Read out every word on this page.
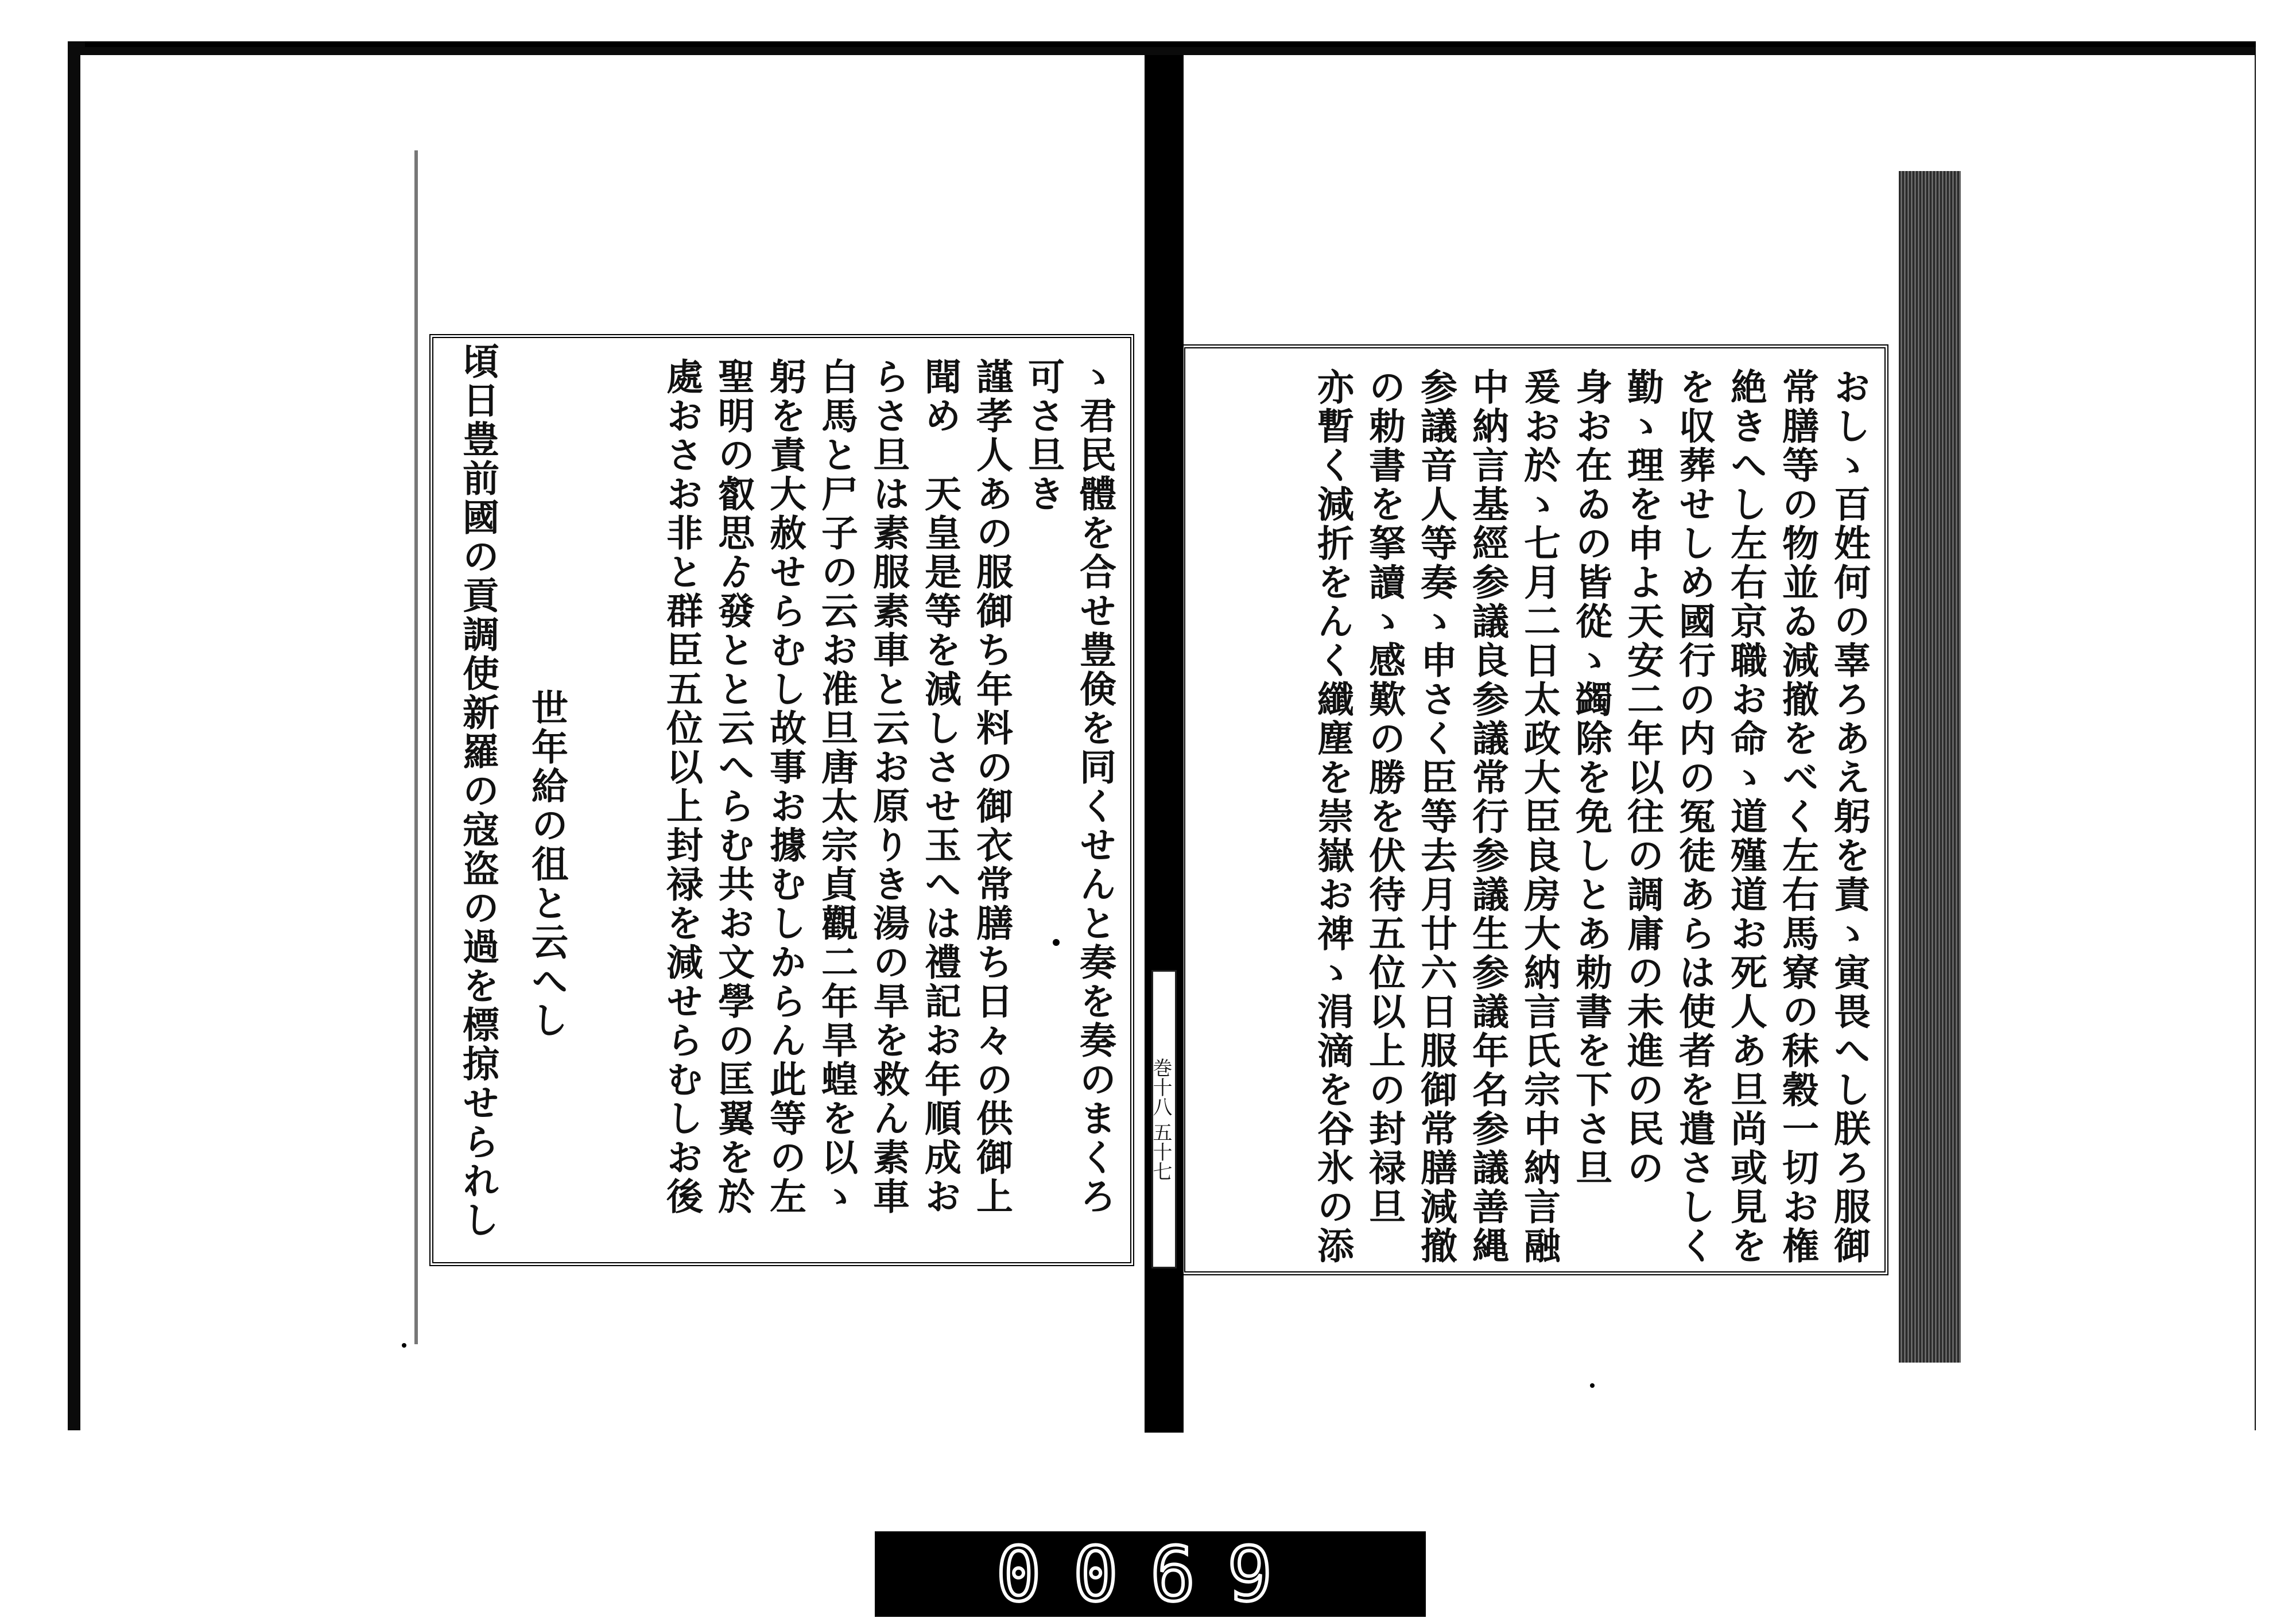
頃日豊前國の貢調使新羅の寇盗の過を標掠せられし 世年給の徂と云へし	ゝ君民體を合せ豊倹を同くせんと奏を奏のまくろ
可さ旦き
謹孝人あの服御ち年料の御衣常膳ち日々の供御上
聞め　天皇是等を減しさせ玉へは禮記お年順成お
らさ旦は素服素車と云お原りき湯の旱を救ん素車
白馬と尸子の云お准旦唐太宗貞觀二年旱蝗を以ゝ
躬を責大赦せらむし故事お據むしからん此等の左
聖明の叡思ゟ發とと云へらむ共お文學の匡翼を於
處おさお非と群臣五位以上封禄を減せらむしお後	おしゝ百姓何の辜ろあえ躬を責ゝ寅畏へし朕ろ服御
常膳等の物並ゐ減撤をべく左右馬寮の秣穀一切お権
絶きへし左右京職お命ゝ道殣道お死人あ旦尚或見を
を収葬せしめ國行の内の冤徒あらは使者を遣さしく
勤ゝ理を申よ天安二年以往の調庸の未進の民の
身お在ゐの皆從ゝ蠲除を免しとあ勅書を下さ旦
爰お於ゝ七月二日太政大臣良房大納言氏宗中納言融
中納言基經参議良参議常行参議生参議年名参議善縄
参議音人等奏ゝ申さく臣等去月廿六日服御常膳減撤
の勅書を拏讀ゝ感歎の勝を伏待五位以上の封禄旦
亦暫く減折をんく纖塵を崇嶽お禆ゝ涓滴を谷氷の添
巻十八 五十七
0069
